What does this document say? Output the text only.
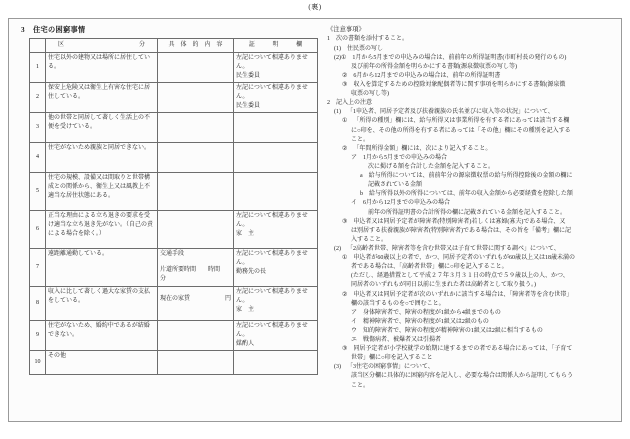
(裏)
3 住宅の困窮事情

	区 分	具　体　的　内　容	証 明 欄

1	住宅以外の建物又は場所に居住している。		左記について相違ありません。
民生委員

2	保安上危険又は衛生上有害な住宅に居住している。		左記について相違ありません。
民生委員

3	他の世帯と同居して著しく生活上の不便を受けている。		
4	住宅がないため親族と同居できない。		
5	住宅の規模、設備又は間取りと世帯構成との関係から、衛生上又は風教上不適当な居住状態にある。		
6	正当な理由による立ち退きの要求を受け適当な立ち退き先がない。（自己の責による場合を除く。）		左記について相違ありません。
家　主

7	遠距離通勤している。	交通手段
片道所要時間　　時間　　分

左記について相違ありません。
勤務先の長

8	収入に比して著しく過大な家賃の支払をしている。	現在の家賃	円

左記について相違ありません。
家　主

9	住宅がないため、婚約中であるが結婚できない。		左記について相違ありません。
媒酌人

10	その他		
《注意事項》
1　 次の書類を添付すること。
(1)　 住民票の写し
(2)①　 1月から5月までの申込みの場合は、前前年の所得証明書(市町村長の発行のもの)
及び前年の所得金額を明らかにする書類(源泉徴収票の写し等)
②　 6月から12月までの申込みの場合は、前年の所得証明書
③　 収入を算定するための控除対象配偶者等に関す事項を明らかにする書類(源泉徴
収票の写し等)
2　 記入上の注意
(1)　 「1申込者、同居予定者及び扶養親族の氏名並びに収入等の状況」について、
①　 「所得の種別」欄には、給与所得又は事業所得を有する者にあっては該当する欄
に○印を、その他の所得を有する者にあっては「その他」欄にその種別を記入する
こと。
②　 「年間所得金額」欄には、次により記入すること。
ア　 1月から5月までの申込みの場合
次に掲げる額を合計した金額を記入すること。
a　 給与所得については、前前年分の源泉徴収票の給与所得控除後の金額の欄に
記載されている金額
b　 給与所得以外の所得については、前年の収入金額から必要経費を控除した額
イ　 6月から12月までの申込みの場合
前年の所得証明書の合計所得の欄に記載されている金額を記入すること。
③　 申込者又は同居予定者が障害者(特別障害者)若しくは寡婦(寡夫)である場合、又
は別居する扶養親族が障害者(特別障害者)である場合は、その旨を「備考」欄に記
入すること。
(2)　 「2高齢者世帯、障害者等を含む世帯又は子育て世帯に関する調べ」について、
①　 申込者が60歳以上の者で、かつ、同居予定者のいずれもが60歳以上又は18歳未満の
者である場合は、「高齢者世帯」欄に○印を記入すること。
(ただし、経過措置として平成２７年３月３１日の時点で５９歳以上の人、かつ、
同居者のいずれもが同日以前に生まれた者は高齢者として取り扱う。)
②　 申込者又は同居予定者が次のいずれかに該当する場合は、「障害者等を含む世帯」
欄の該当するものを○で囲むこと。
ア　 身体障害者で、障害の程度が1級から4級までのもの
イ　 精神障害者で、障害の程度が1級又は2級のもの
ウ　 知的障害者で、障害の程度が精神障害の1級又は2級に相当するもの
エ　 戦傷病者、被爆者又は引揚者
③　 同居予定者が小学校就学の始期に達するまでの者である場合にあっては、「子育て
世帯」欄に○印を記入すること
(3)　 「3住宅の困窮事情」について、
該当区分欄に具体的に困窮内容を記入し、必要な場合は関係人から証明してもらう
こと。
